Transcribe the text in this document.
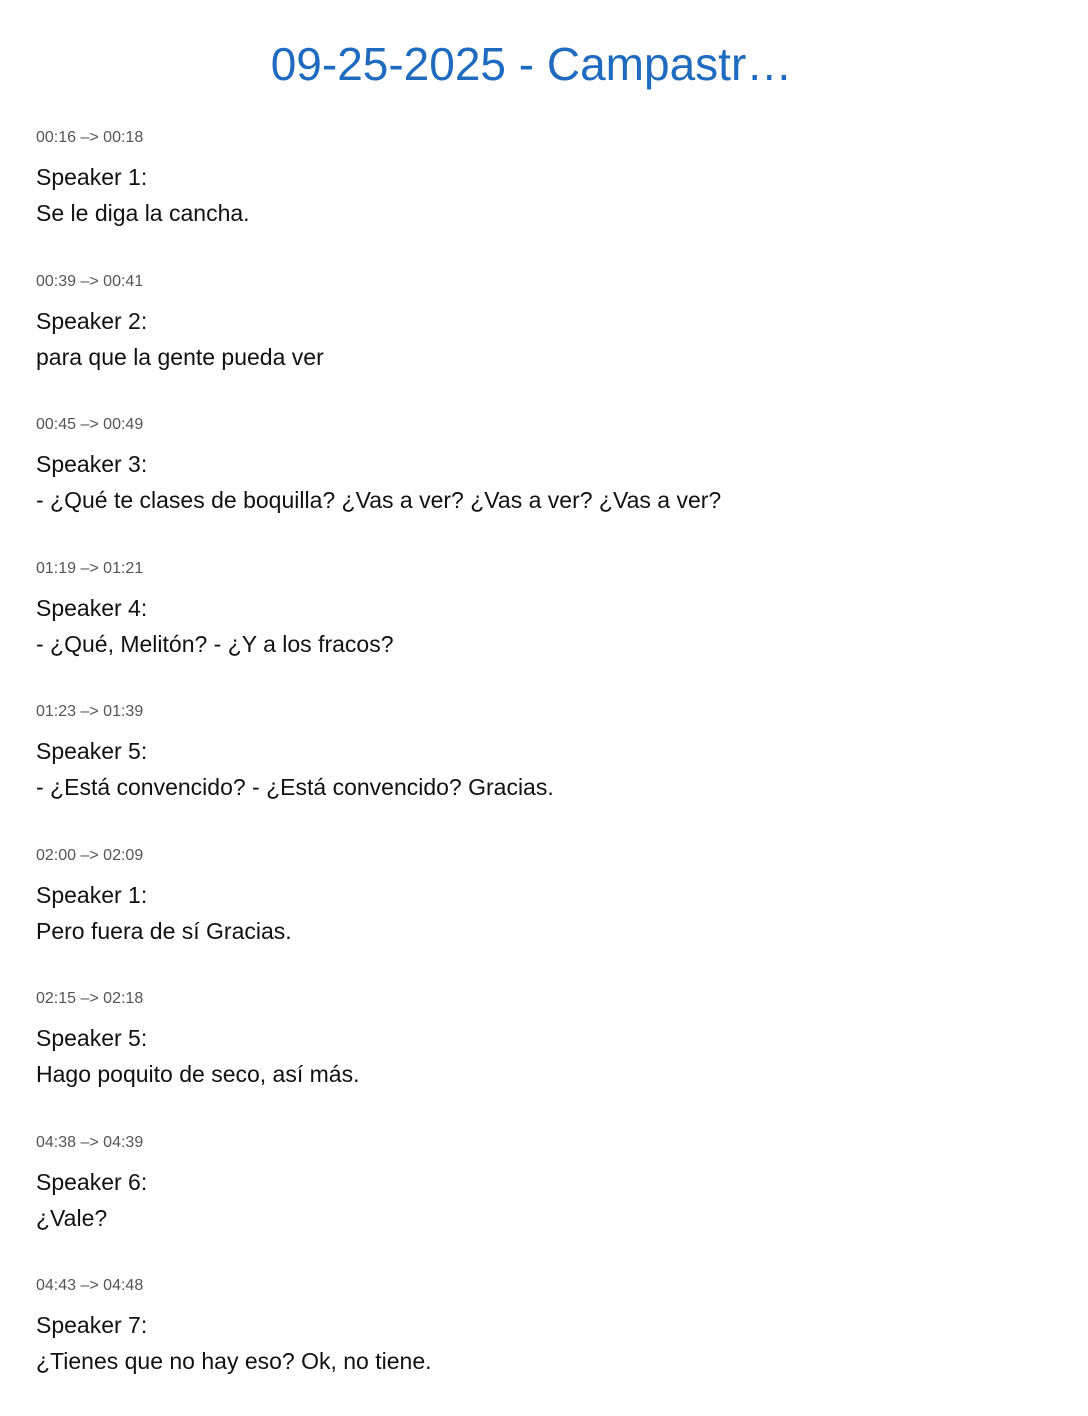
09-25-2025 - Campastr…
00:16 –> 00:18
Speaker 1:
Se le diga la cancha.
00:39 –> 00:41
Speaker 2:
para que la gente pueda ver
00:45 –> 00:49
Speaker 3:
- ¿Qué te clases de boquilla? ¿Vas a ver? ¿Vas a ver? ¿Vas a ver?
01:19 –> 01:21
Speaker 4:
- ¿Qué, Melitón? - ¿Y a los fracos?
01:23 –> 01:39
Speaker 5:
- ¿Está convencido? - ¿Está convencido? Gracias.
02:00 –> 02:09
Speaker 1:
Pero fuera de sí Gracias.
02:15 –> 02:18
Speaker 5:
Hago poquito de seco, así más.
04:38 –> 04:39
Speaker 6:
¿Vale?
04:43 –> 04:48
Speaker 7:
¿Tienes que no hay eso? Ok, no tiene.
